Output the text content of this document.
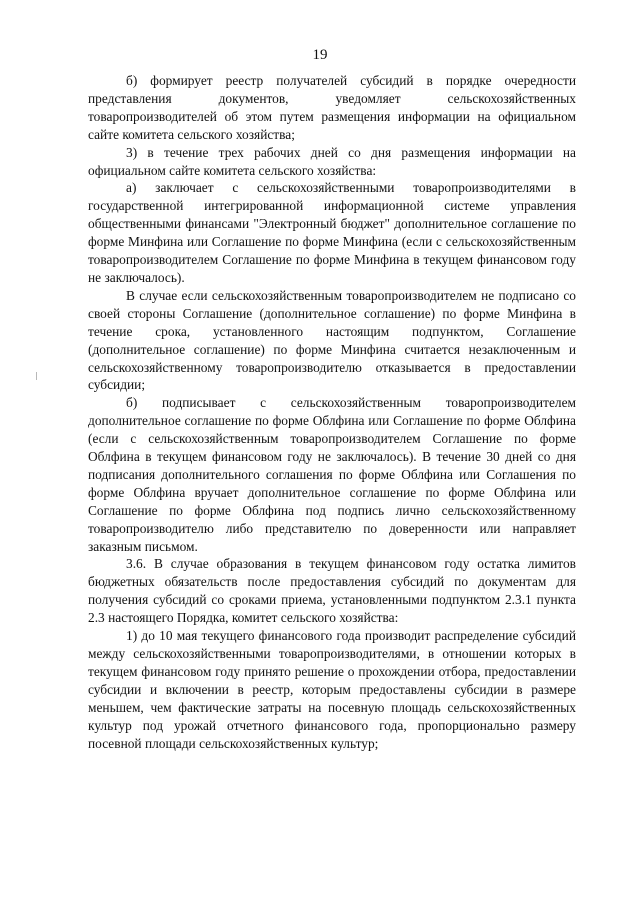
19

б) формирует реестр получателей субсидий в порядке очередности представления документов, уведомляет сельскохозяйственных товаропроизводителей об этом путем размещения информации на официальном сайте комитета сельского хозяйства;

3) в течение трех рабочих дней со дня размещения информации на официальном сайте комитета сельского хозяйства:

а) заключает с сельскохозяйственными товаропроизводителями в государственной интегрированной информационной системе управления общественными финансами "Электронный бюджет" дополнительное соглашение по форме Минфина или Соглашение по форме Минфина (если с сельскохозяйственным товаропроизводителем Соглашение по форме Минфина в текущем финансовом году не заключалось).

В случае если сельскохозяйственным товаропроизводителем не подписано со своей стороны Соглашение (дополнительное соглашение) по форме Минфина в течение срока, установленного настоящим подпунктом, Соглашение (дополнительное соглашение) по форме Минфина считается незаключенным и сельскохозяйственному товаропроизводителю отказывается в предоставлении субсидии;

б) подписывает с сельскохозяйственным товаропроизводителем дополнительное соглашение по форме Облфина или Соглашение по форме Облфина (если с сельскохозяйственным товаропроизводителем Соглашение по форме Облфина в текущем финансовом году не заключалось). В течение 30 дней со дня подписания дополнительного соглашения по форме Облфина или Соглашения по форме Облфина вручает дополнительное соглашение по форме Облфина или Соглашение по форме Облфина под подпись лично сельскохозяйственному товаропроизводителю либо представителю по доверенности или направляет заказным письмом.

3.6. В случае образования в текущем финансовом году остатка лимитов бюджетных обязательств после предоставления субсидий по документам для получения субсидий со сроками приема, установленными подпунктом 2.3.1 пункта 2.3 настоящего Порядка, комитет сельского хозяйства:

1) до 10 мая текущего финансового года производит распределение субсидий между сельскохозяйственными товаропроизводителями, в отношении которых в текущем финансовом году принято решение о прохождении отбора, предоставлении субсидии и включении в реестр, которым предоставлены субсидии в размере меньшем, чем фактические затраты на посевную площадь сельскохозяйственных культур под урожай отчетного финансового года, пропорционально размеру посевной площади сельскохозяйственных культур;
